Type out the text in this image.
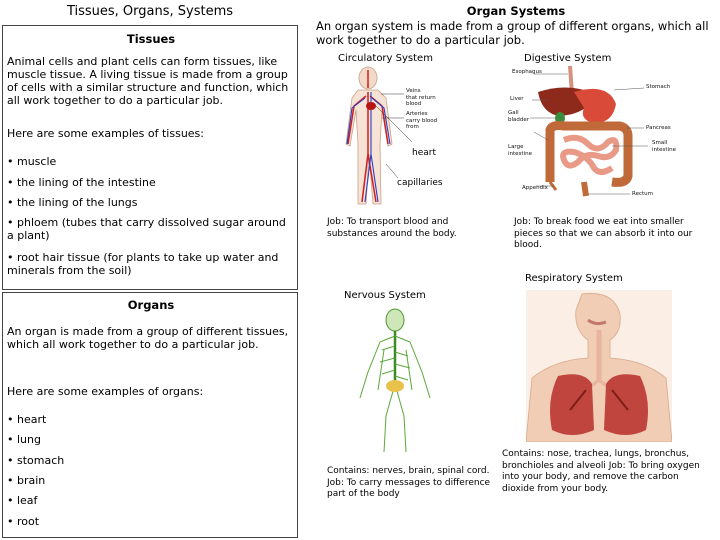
Tissues, Organs, Systems
Tissues
Animal cells and plant cells can form tissues, like muscle tissue. A living tissue is made from a group of cells with a similar structure and function, which all work together to do a particular job.
Here are some examples of tissues:
• muscle
• the lining of the intestine
• the lining of the lungs
• phloem (tubes that carry dissolved sugar around a plant)
• root hair tissue (for plants to take up water and minerals from the soil)
Organs
An organ is made from a group of different tissues, which all work together to do a particular job.
Here are some examples of organs:
• heart
• lung
• stomach
• brain
• leaf
• root
Organ Systems
An organ system is made from a group of different organs, which all work together to do a particular job.
Circulatory System
Veins
that return
blood
Arteries
carry blood
from
heart
capillaries
Job: To transport blood and substances around the body.
Digestive System
Esophagus
Stomach
Liver
Gall
bladder
Pancreas
Small
intestine
Large
intestine
Appendix
Rectum
Job: To break food we eat into smaller pieces so that we can absorb it into our blood.
Nervous System
Contains: nerves, brain, spinal cord. Job: To carry messages to difference part of the body
Respiratory System
Contains: nose, trachea, lungs, bronchus, bronchioles and alveoli Job: To bring oxygen into your body, and remove the carbon dioxide from your body.
